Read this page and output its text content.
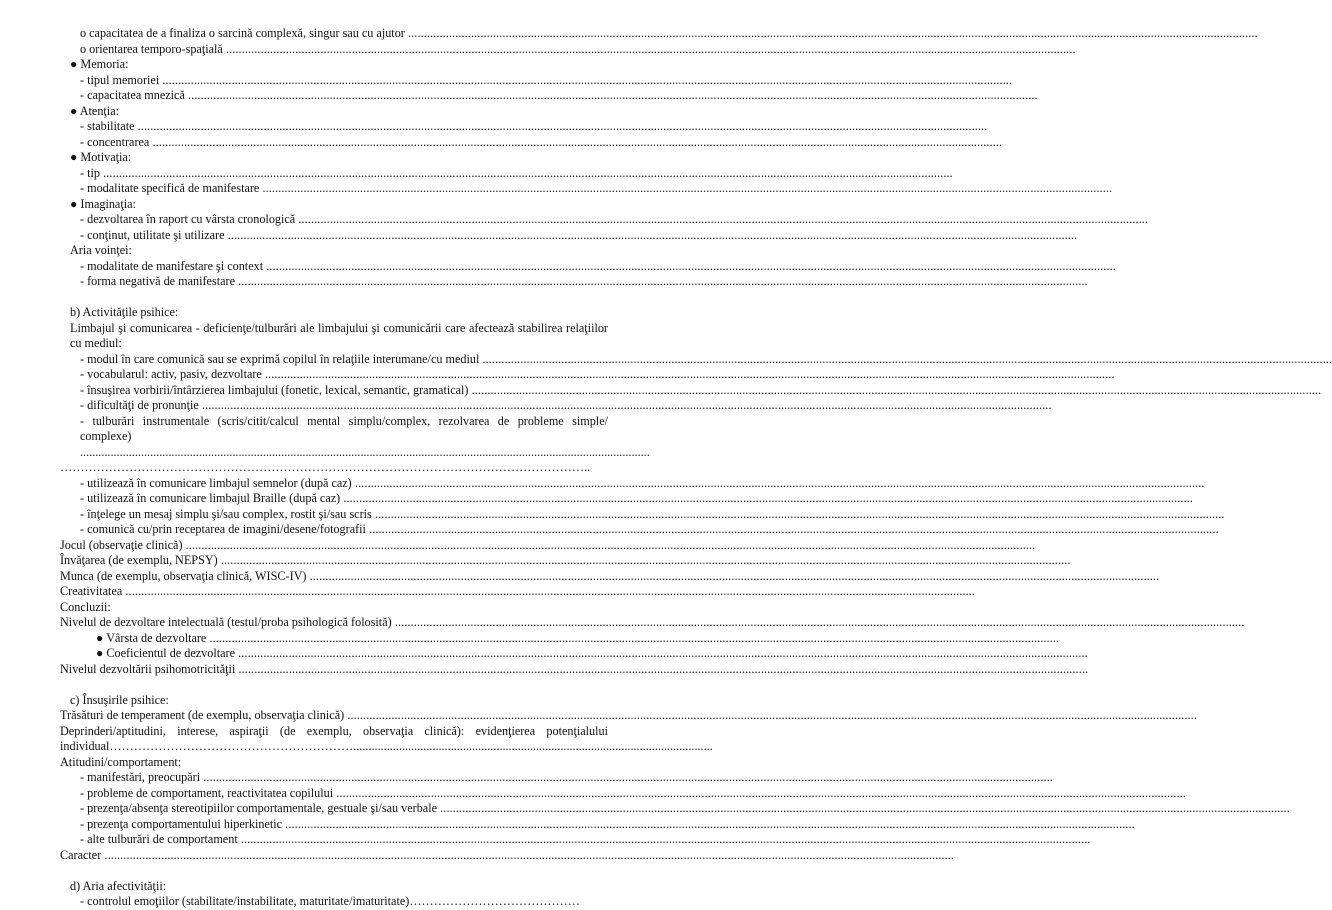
o capacitatea de a finaliza o sarcină complexă, singur sau cu ajutor .....
o orientarea temporo-spaţială .....
● Memoria:
- tipul memoriei .....
- capacitatea mnezică .....
● Atenţia:
- stabilitate .....
- concentrarea .....
● Motivaţia:
- tip .....
- modalitate specifică de manifestare .....
● Imaginaţia:
- dezvoltarea în raport cu vârsta cronologică .....
- conţinut, utilitate şi utilizare .....
Aria voinţei:
- modalitate de manifestare şi context .....
- forma negativă de manifestare .....
b) Activităţile psihice:
Limbajul şi comunicarea - deficienţe/tulburări ale limbajului şi comunicării care afectează stabilirea relaţiilor cu mediul:
- modul în care comunică sau se exprimă copilul în relaţiile interumane/cu mediul .....
- vocabularul: activ, pasiv, dezvoltare .....
- însuşirea vorbirii/întârzierea limbajului (fonetic, lexical, semantic, gramatical) .....
- dificultăţi de pronunţie .....
- tulburări instrumentale (scris/citit/calcul mental simplu/complex, rezolvarea de probleme simple/ complexe) ...........................................................................................................................................................................................
…………………………………………………………………………………………………………………..
- utilizează în comunicare limbajul semnelor (după caz) .....
- utilizează în comunicare limbajul Braille (după caz) .....
- înţelege un mesaj simplu şi/sau complex, rostit şi/sau scris .....
- comunică cu/prin receptarea de imagini/desene/fotografii .....
Jocul (observaţie clinică) .....
Învăţarea (de exemplu, NEPSY) .....
Munca (de exemplu, observaţia clinică, WISC-IV) .....
Creativitatea .....
Concluzii:
Nivelul de dezvoltare intelectuală (testul/proba psihologică folosită) .....
● Vârsta de dezvoltare .....
● Coeficientul de dezvoltare .....
Nivelul dezvoltării psihomotricităţii .....
c) Însuşirile psihice:
Trăsături de temperament (de exemplu, observaţia clinică) .....
Deprinderi/aptitudini, interese, aspiraţii (de exemplu, observaţia clinică): evidenţierea potenţialului individual……………………………………………………......................................................................................................................
Atitudini/comportament:
- manifestări, preocupări .....
- probleme de comportament, reactivitatea copilului .....
- prezenţa/absenţa stereotipiilor comportamentale, gestuale şi/sau verbale .....
- prezenţa comportamentului hiperkinetic .....
- alte tulburări de comportament .....
Caracter .....
d) Aria afectivităţii:
- controlul emoţiilor (stabilitate/instabilitate, maturitate/imaturitate)……………………………………
